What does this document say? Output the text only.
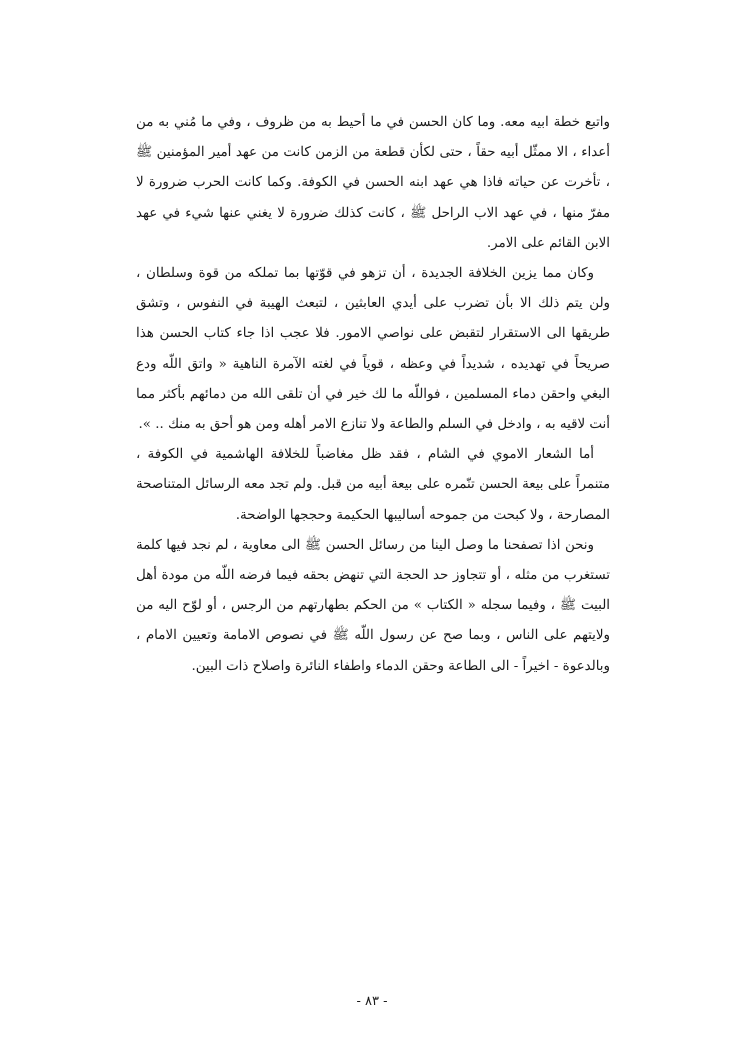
واتبع خطة ابيه معه. وما كان الحسن في ما أحيط به من ظروف ، وفي ما مُني به من أعداء ، الا ممثّل أبيه حقاً ، حتى لكأن قطعة من الزمن كانت من عهد أمير المؤمنين ﷺ ، تأخرت عن حياته فاذا هي عهد ابنه الحسن في الكوفة. وكما كانت الحرب ضرورة لا مفرّ منها ، في عهد الاب الراحل ﷺ ، كانت كذلك ضرورة لا يغني عنها شيء في عهد الابن القائم على الامر.

وكان مما يزين الخلافة الجديدة ، أن تزهو في قوّتها بما تملكه من قوة وسلطان ، ولن يتم ذلك الا بأن تضرب على أيدي العابثين ، لتبعث الهيبة في النفوس ، وتشق طريقها الى الاستقرار لتقبض على نواصي الامور. فلا عجب اذا جاء كتاب الحسن هذا صريحاً في تهديده ، شديداً في وعظه ، قوياً في لغته الآمرة الناهية « واتق اللّه ودع البغي واحقن دماء المسلمين ، فواللّه ما لك خير في أن تلقى الله من دمائهم بأكثر مما أنت لاقيه به ، وادخل في السلم والطاعة ولا تنازع الامر أهله ومن هو أحق به منك .. ».

أما الشعار الاموي في الشام ، فقد ظل مغاضباً للخلافة الهاشمية في الكوفة ، متنمراً على بيعة الحسن تنّمره على بيعة أبيه من قبل. ولم تجد معه الرسائل المتناصحة المصارحة ، ولا كبحت من جموحه أساليبها الحكيمة وحججها الواضحة.

ونحن اذا تصفحنا ما وصل الينا من رسائل الحسن ﷺ الى معاوية ، لم نجد فيها كلمة تستغرب من مثله ، أو تتجاوز حد الحجة التي تنهض بحقه فيما فرضه اللّه من مودة أهل البيت ﷺ ، وفيما سجله « الكتاب » من الحكم بطهارتهم من الرجس ، أو لوّح اليه من ولايتهم على الناس ، وبما صح عن رسول اللّه ﷺ في نصوص الامامة وتعيين الامام ، وبالدعوة - اخيراً - الى الطاعة وحقن الدماء واطفاء النائرة واصلاح ذات البين.

- ٨٣ -
